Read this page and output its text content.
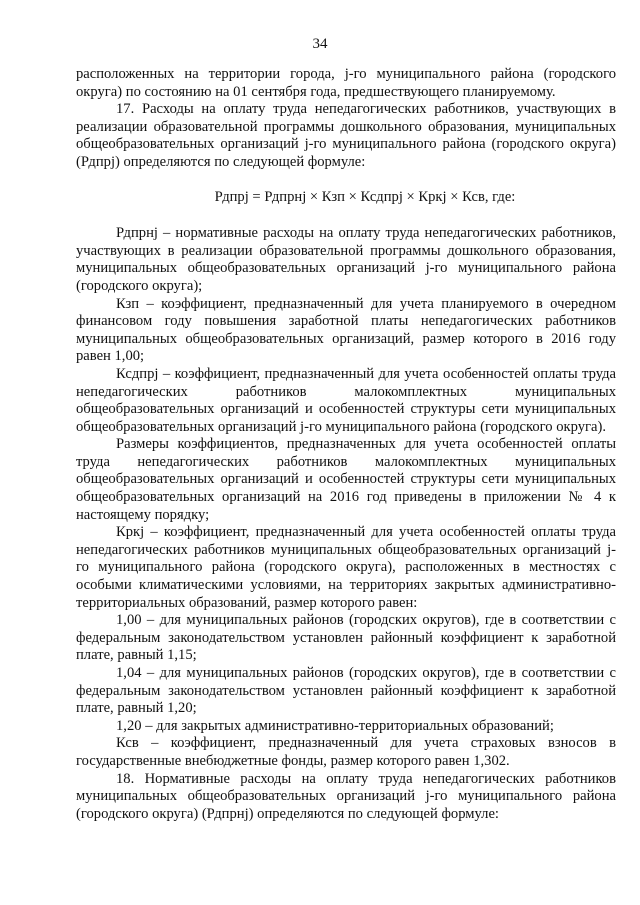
34

расположенных на территории города, j-го муниципального района (городского округа) по состоянию на 01 сентября года, предшествующего планируемому.

17. Расходы на оплату труда непедагогических работников, участвующих в реализации образовательной программы дошкольного образования, муниципальных общеобразовательных организаций j-го муниципального района (городского округа) (Рдпрj) определяются по следующей формуле:

Рдпрj = Рдпрнj × Кзп × Ксдпрj × Кркj × Ксв, где:

Рдпрнj – нормативные расходы на оплату труда непедагогических работников, участвующих в реализации образовательной программы дошкольного образования, муниципальных общеобразовательных организаций j-го муниципального района (городского округа);

Кзп – коэффициент, предназначенный для учета планируемого в очередном финансовом году повышения заработной платы непедагогических работников муниципальных общеобразовательных организаций, размер которого в 2016 году равен 1,00;

Ксдпрj – коэффициент, предназначенный для учета особенностей оплаты труда непедагогических работников малокомплектных муниципальных общеобразовательных организаций и особенностей структуры сети муниципальных общеобразовательных организаций j-го муниципального района (городского округа).

Размеры коэффициентов, предназначенных для учета особенностей оплаты труда непедагогических работников малокомплектных муниципальных общеобразовательных организаций и особенностей структуры сети муниципальных общеобразовательных организаций на 2016 год приведены в приложении № 4 к настоящему порядку;

Кркj – коэффициент, предназначенный для учета особенностей оплаты труда непедагогических работников муниципальных общеобразовательных организаций j-го муниципального района (городского округа), расположенных в местностях с особыми климатическими условиями, на территориях закрытых административно-территориальных образований, размер которого равен:

1,00 – для муниципальных районов (городских округов), где в соответствии с федеральным законодательством установлен районный коэффициент к заработной плате, равный 1,15;

1,04 – для муниципальных районов (городских округов), где в соответствии с федеральным законодательством установлен районный коэффициент к заработной плате, равный 1,20;

1,20 – для закрытых административно-территориальных образований;

Ксв – коэффициент, предназначенный для учета страховых взносов в государственные внебюджетные фонды, размер которого равен 1,302.

18. Нормативные расходы на оплату труда непедагогических работников муниципальных общеобразовательных организаций j-го муниципального района (городского округа) (Рдпрнj) определяются по следующей формуле:
